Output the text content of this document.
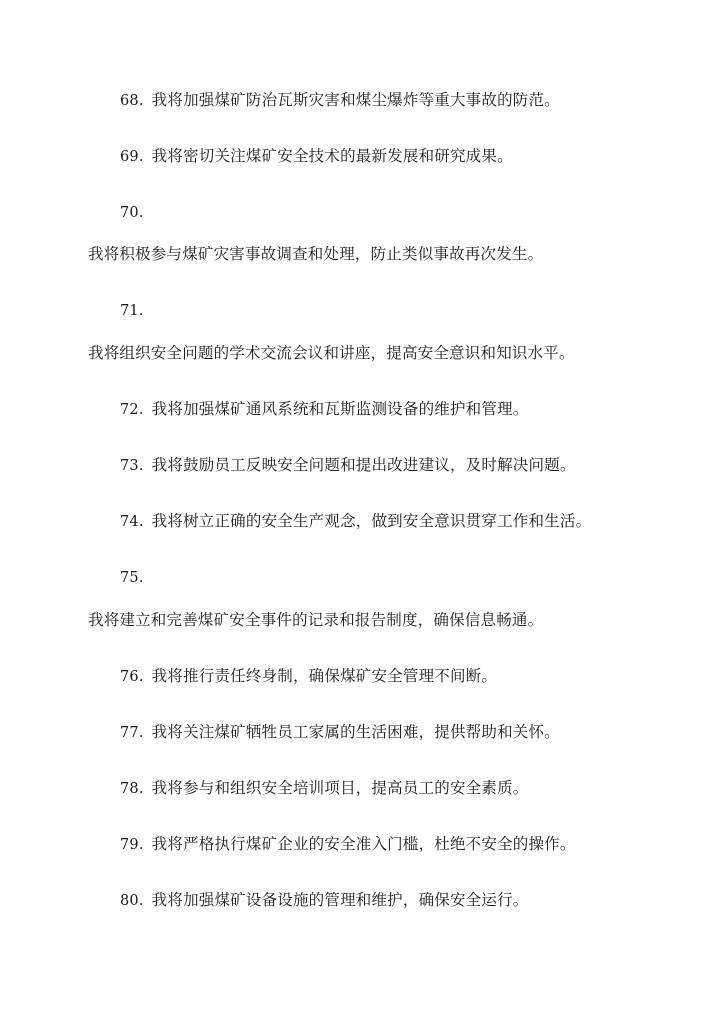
68. 我将加强煤矿防治瓦斯灾害和煤尘爆炸等重大事故的防范。
69. 我将密切关注煤矿安全技术的最新发展和研究成果。
70.
我将积极参与煤矿灾害事故调查和处理，防止类似事故再次发生。
71.
我将组织安全问题的学术交流会议和讲座，提高安全意识和知识水平。
72. 我将加强煤矿通风系统和瓦斯监测设备的维护和管理。
73. 我将鼓励员工反映安全问题和提出改进建议，及时解决问题。
74. 我将树立正确的安全生产观念，做到安全意识贯穿工作和生活。
75.
我将建立和完善煤矿安全事件的记录和报告制度，确保信息畅通。
76. 我将推行责任终身制，确保煤矿安全管理不间断。
77. 我将关注煤矿牺牲员工家属的生活困难，提供帮助和关怀。
78. 我将参与和组织安全培训项目，提高员工的安全素质。
79. 我将严格执行煤矿企业的安全准入门槛，杜绝不安全的操作。
80. 我将加强煤矿设备设施的管理和维护，确保安全运行。
